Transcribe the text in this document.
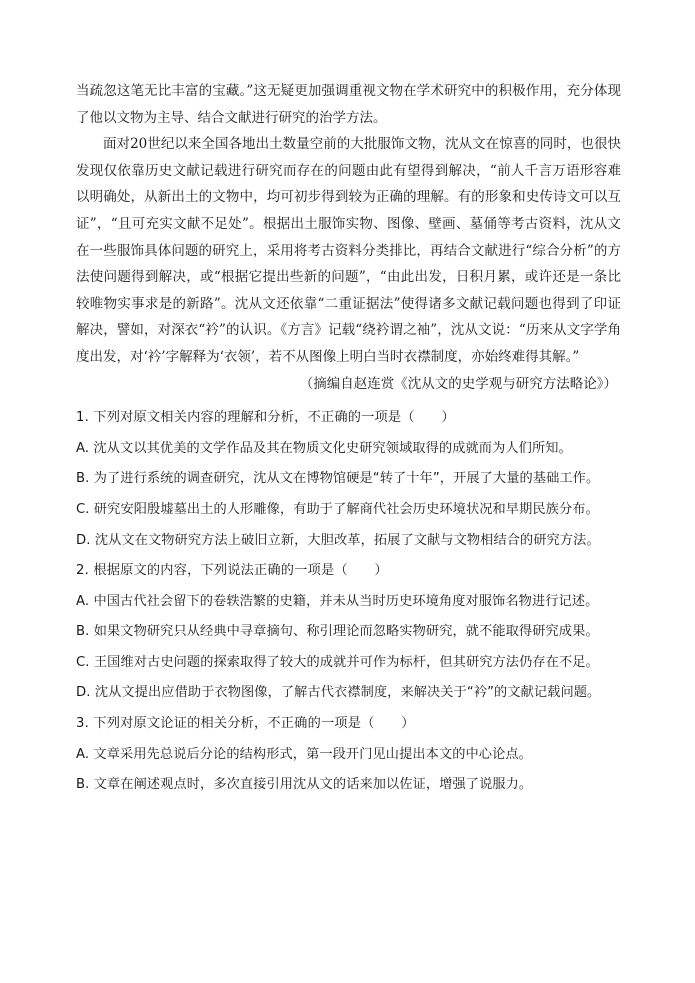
当疏忽这笔无比丰富的宝藏。”这无疑更加强调重视文物在学术研究中的积极作用，充分体现了他以文物为主导、结合文献进行研究的治学方法。

面对20世纪以来全国各地出土数量空前的大批服饰文物，沈从文在惊喜的同时，也很快发现仅依靠历史文献记载进行研究而存在的问题由此有望得到解决，“前人千言万语形容难以明确处，从新出土的文物中，均可初步得到较为正确的理解。有的形象和史传诗文可以互证”，“且可充实文献不足处”。根据出土服饰实物、图像、壁画、墓俑等考古资料，沈从文在一些服饰具体问题的研究上，采用将考古资料分类排比，再结合文献进行“综合分析”的方法使问题得到解决，或“根据它提出些新的问题”，“由此出发，日积月累，或许还是一条比较唯物实事求是的新路”。沈从文还依靠“二重证据法”使得诸多文献记载问题也得到了印证解决，譬如，对深衣“衿”的认识。《方言》记载“绕衿谓之袖”，沈从文说：“历来从文字学角度出发，对‘衿’字解释为‘衣领’，若不从图像上明白当时衣襟制度，亦始终难得其解。”

（摘编自赵连赏《沈从文的史学观与研究方法略论》）

1. 下列对原文相关内容的理解和分析，不正确的一项是（　　）

A. 沈从文以其优美的文学作品及其在物质文化史研究领域取得的成就而为人们所知。

B. 为了进行系统的调查研究，沈从文在博物馆硬是“转了十年”，开展了大量的基础工作。

C. 研究安阳殷墟墓出土的人形雕像，有助于了解商代社会历史环境状况和早期民族分布。

D. 沈从文在文物研究方法上破旧立新，大胆改革，拓展了文献与文物相结合的研究方法。

2. 根据原文的内容，下列说法正确的一项是（　　）

A. 中国古代社会留下的卷轶浩繁的史籍，并未从当时历史环境角度对服饰名物进行记述。

B. 如果文物研究只从经典中寻章摘句、称引理论而忽略实物研究，就不能取得研究成果。

C. 王国维对古史问题的探索取得了较大的成就并可作为标杆，但其研究方法仍存在不足。

D. 沈从文提出应借助于衣物图像，了解古代衣襟制度，来解决关于“衿”的文献记载问题。

3. 下列对原文论证的相关分析，不正确的一项是（　　）

A. 文章采用先总说后分论的结构形式，第一段开门见山提出本文的中心论点。

B. 文章在阐述观点时，多次直接引用沈从文的话来加以佐证，增强了说服力。
